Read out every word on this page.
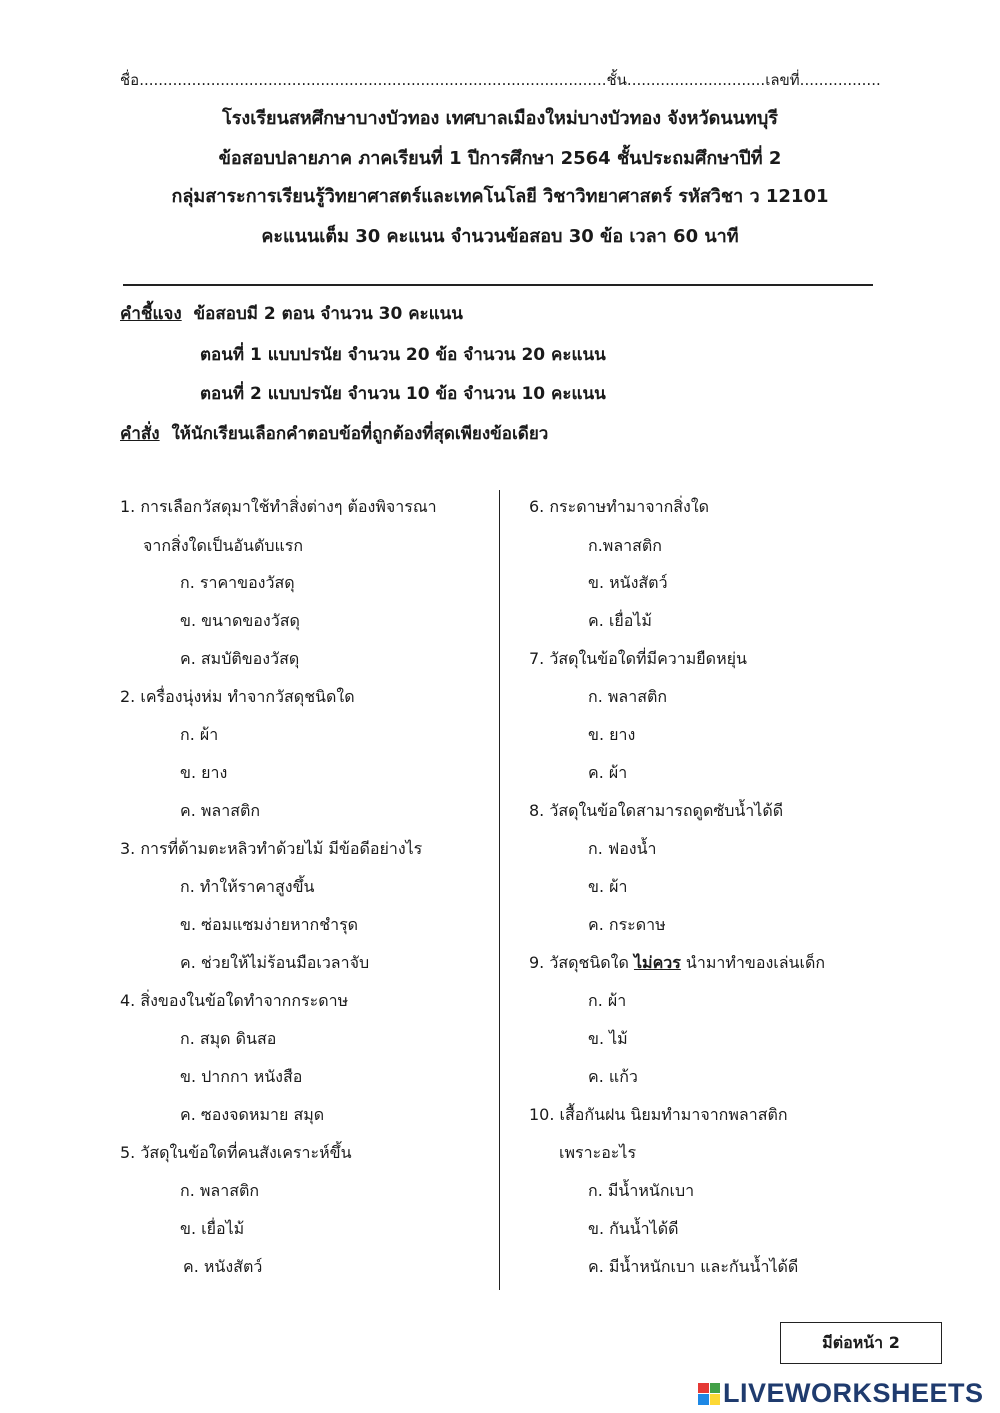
ชื่อ..................................................................................................ชั้น.............................เลขที่.................
โรงเรียนสหศึกษาบางบัวทอง เทศบาลเมืองใหม่บางบัวทอง จังหวัดนนทบุรี
ข้อสอบปลายภาค ภาคเรียนที่ 1 ปีการศึกษา 2564 ชั้นประถมศึกษาปีที่ 2
กลุ่มสาระการเรียนรู้วิทยาศาสตร์และเทคโนโลยี วิชาวิทยาศาสตร์ รหัสวิชา ว 12101
คะแนนเต็ม 30 คะแนน จำนวนข้อสอบ 30 ข้อ เวลา 60 นาที
คำชี้แจง ข้อสอบมี 2 ตอน จำนวน 30 คะแนน
ตอนที่ 1 แบบปรนัย จำนวน 20 ข้อ จำนวน 20 คะแนน
ตอนที่ 2 แบบปรนัย จำนวน 10 ข้อ จำนวน 10 คะแนน
คำสั่ง ให้นักเรียนเลือกคำตอบข้อที่ถูกต้องที่สุดเพียงข้อเดียว
1. การเลือกวัสดุมาใช้ทำสิ่งต่างๆ ต้องพิจารณา
จากสิ่งใดเป็นอันดับแรก
ก. ราคาของวัสดุ
ข. ขนาดของวัสดุ
ค. สมบัติของวัสดุ
2. เครื่องนุ่งห่ม ทำจากวัสดุชนิดใด
ก. ผ้า
ข. ยาง
ค. พลาสติก
3. การที่ด้ามตะหลิวทำด้วยไม้ มีข้อดีอย่างไร
ก. ทำให้ราคาสูงขึ้น
ข. ซ่อมแซมง่ายหากชำรุด
ค. ช่วยให้ไม่ร้อนมือเวลาจับ
4. สิ่งของในข้อใดทำจากกระดาษ
ก. สมุด ดินสอ
ข. ปากกา หนังสือ
ค. ซองจดหมาย สมุด
5. วัสดุในข้อใดที่คนสังเคราะห์ขึ้น
ก. พลาสติก
ข. เยื่อไม้
ค. หนังสัตว์
6. กระดาษทำมาจากสิ่งใด
ก.พลาสติก
ข. หนังสัตว์
ค. เยื่อไม้
7. วัสดุในข้อใดที่มีความยืดหยุ่น
ก. พลาสติก
ข. ยาง
ค. ผ้า
8. วัสดุในข้อใดสามารถดูดซับน้ำได้ดี
ก. ฟองน้ำ
ข. ผ้า
ค. กระดาษ
9. วัสดุชนิดใด ไม่ควร นำมาทำของเล่นเด็ก
ก. ผ้า
ข. ไม้
ค. แก้ว
10. เสื้อกันฝน นิยมทำมาจากพลาสติก
เพราะอะไร
ก. มีน้ำหนักเบา
ข. กันน้ำได้ดี
ค. มีน้ำหนักเบา และกันน้ำได้ดี
มีต่อหน้า 2
LIVEWORKSHEETS
